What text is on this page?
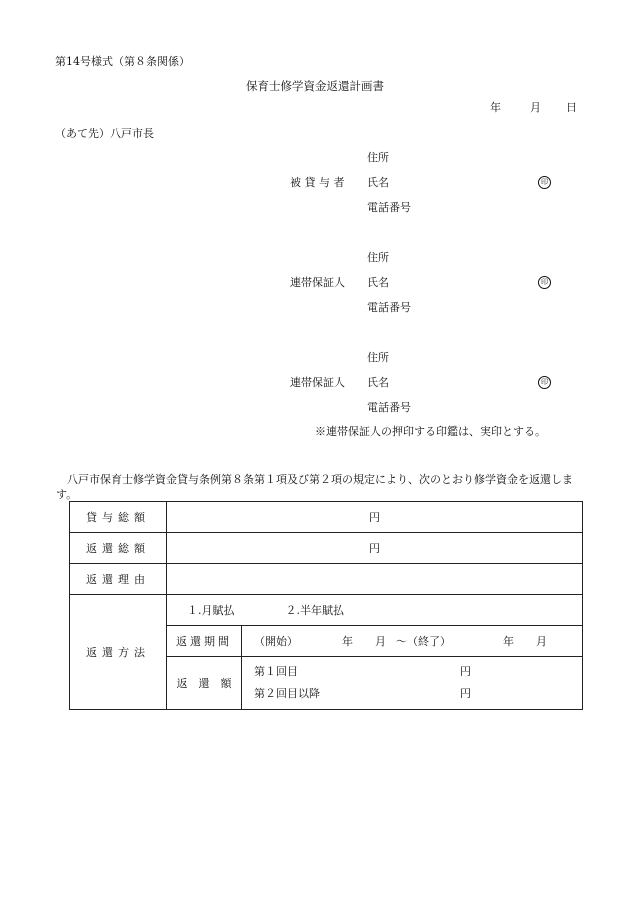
第14号様式（第８条関係）
保育士修学資金返還計画書
年	月 日
（あて先）八戸市長
住所
被 貸 与 者 氏名	印
電話番号
住所
連帯保証人 氏名	印
電話番号
住所
連帯保証人 氏名	印
電話番号
※連帯保証人の押印する印鑑は、実印とする。
八戸市保育士修学資金貸与条例第８条第１項及び第２項の規定により、次のとおり修学資金を返還します。
貸与総額	円	
返還総額	円	
返還理由		
返還方法	１.月賦払 ２.半年賦払	
	返還期間	（開始） 年 月 ～（終了） 年 月
	返　還　額	第１回目 円
第２回目以降 円
